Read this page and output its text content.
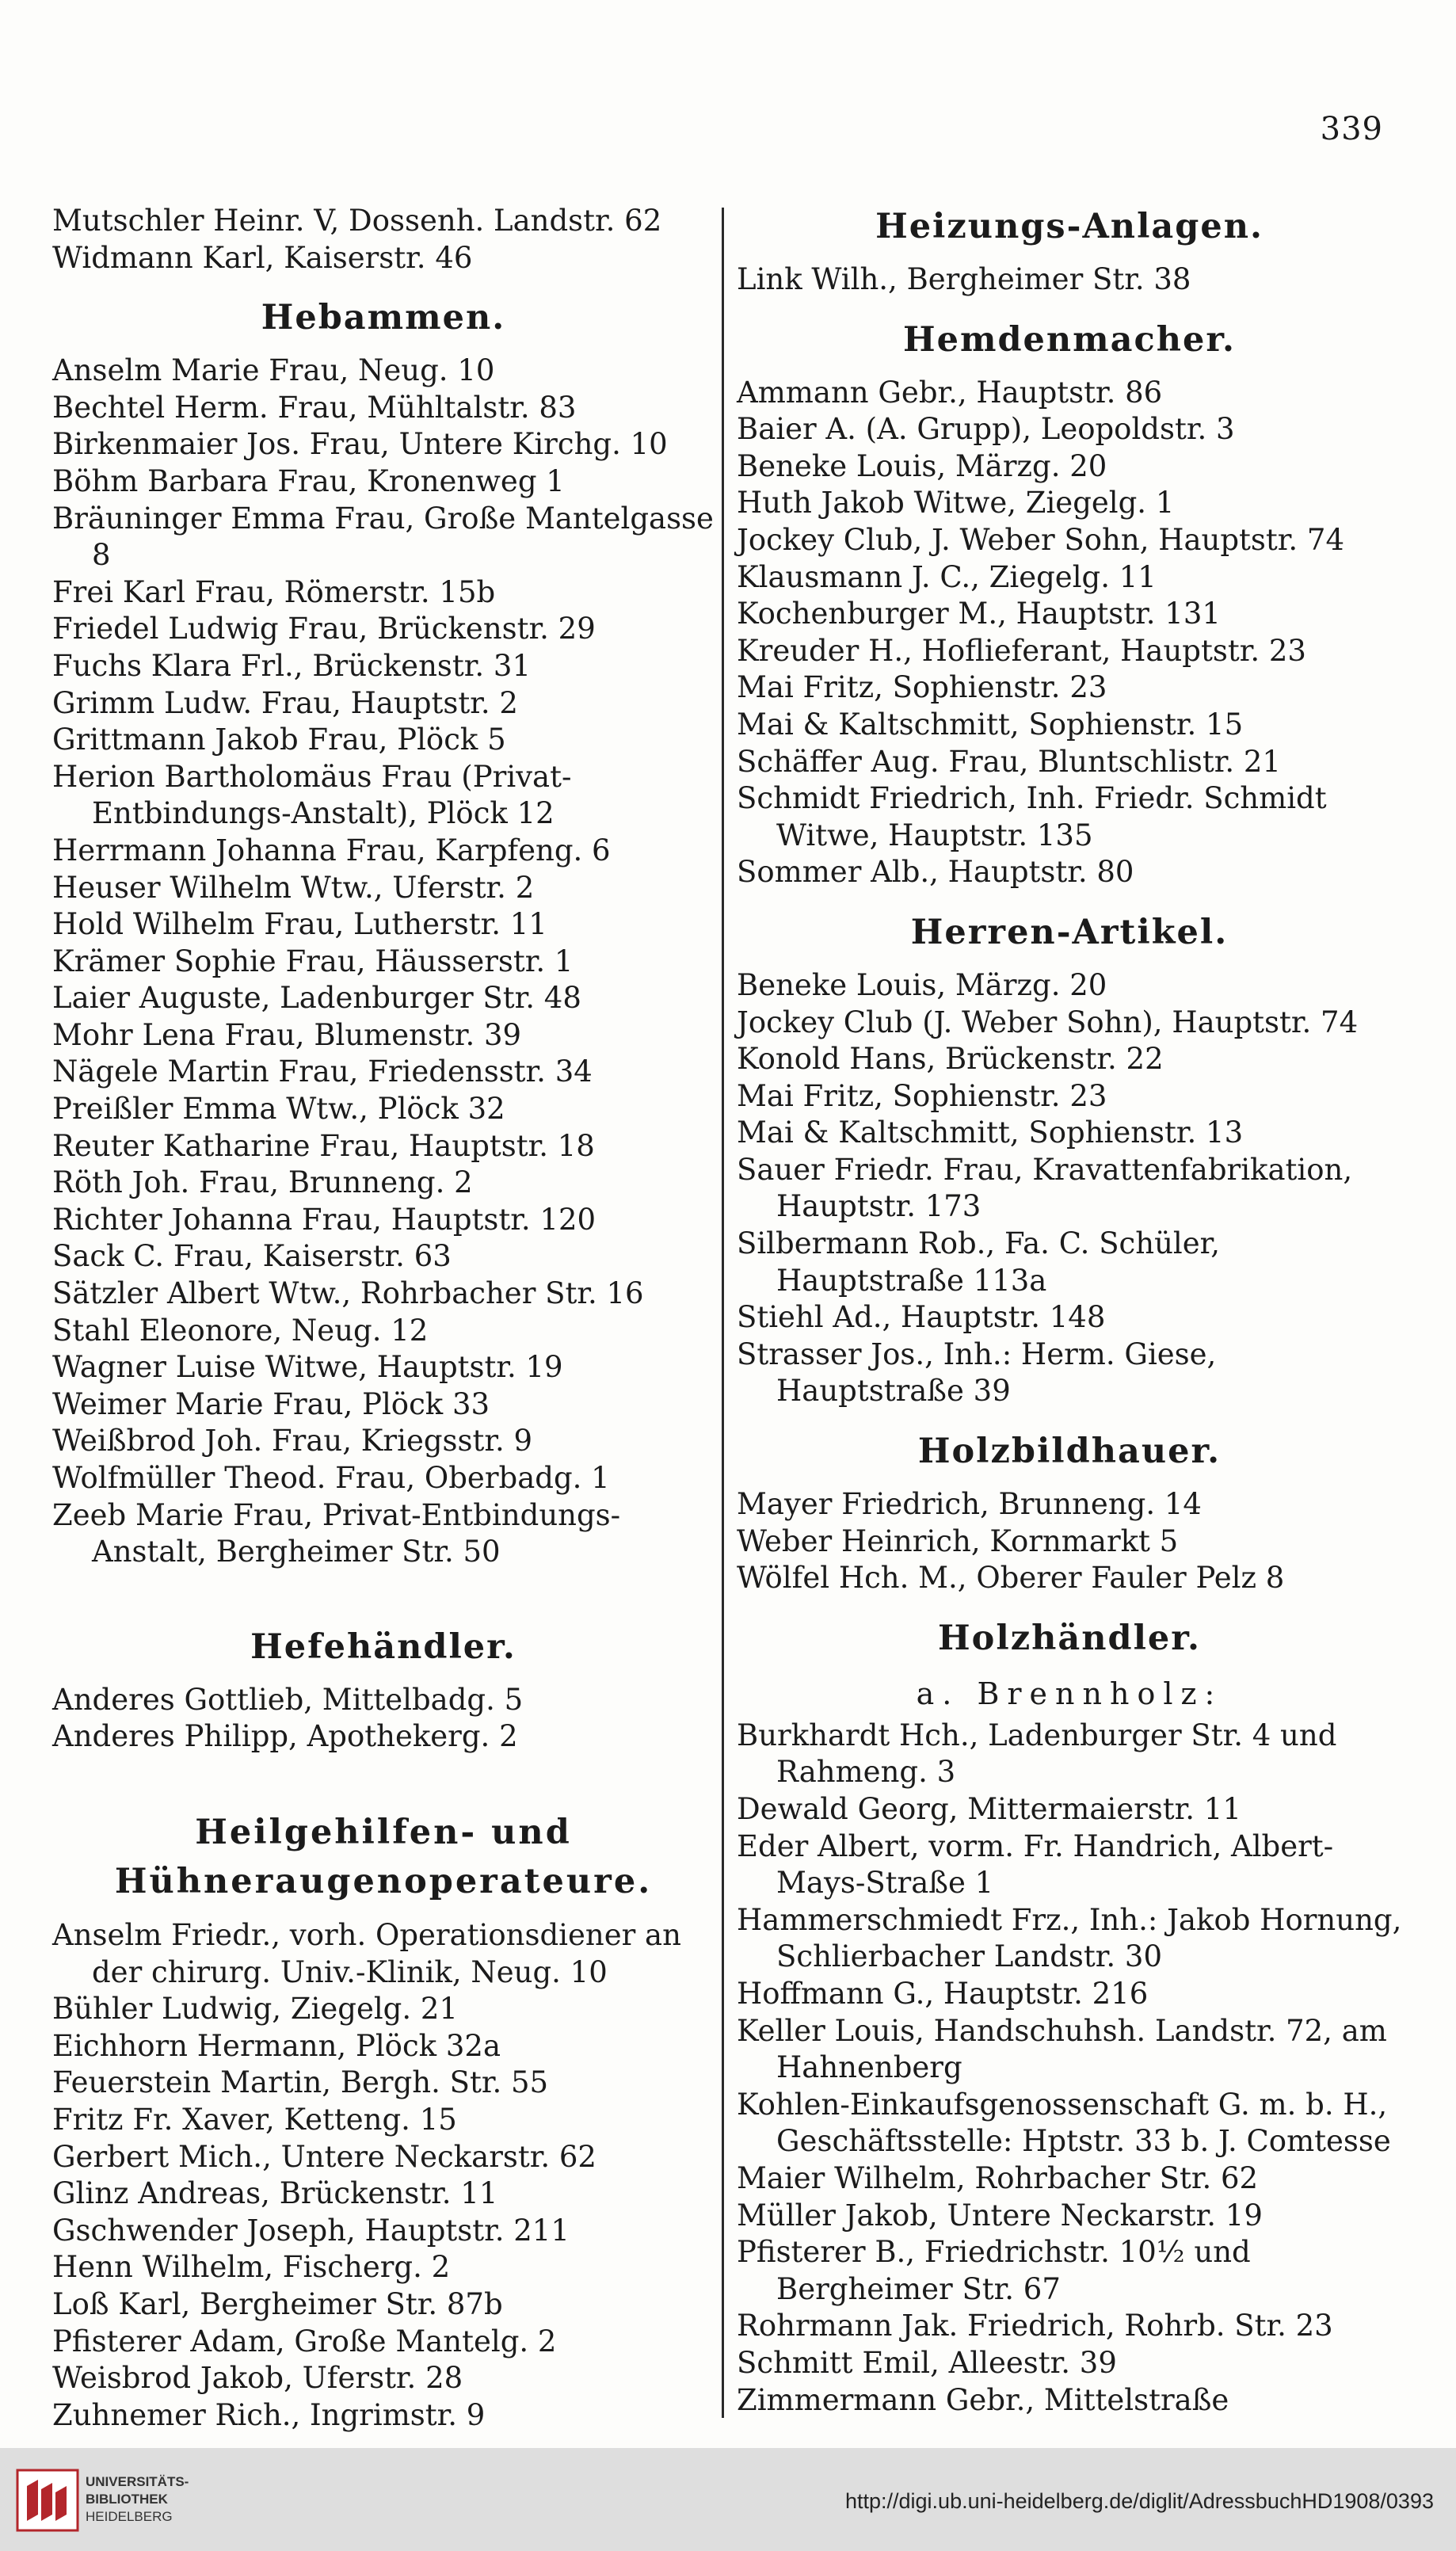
339
Mutschler Heinr. V, Dossenh. Landstr. 62
Widmann Karl, Kaiserstr. 46
Hebammen.
Anselm Marie Frau, Neug. 10
Bechtel Herm. Frau, Mühltalstr. 83
Birkenmaier Jos. Frau, Untere Kirchg. 10
Böhm Barbara Frau, Kronenweg 1
Bräuninger Emma Frau, Große Mantelgasse 8
Frei Karl Frau, Römerstr. 15b
Friedel Ludwig Frau, Brückenstr. 29
Fuchs Klara Frl., Brückenstr. 31
Grimm Ludw. Frau, Hauptstr. 2
Grittmann Jakob Frau, Plöck 5
Herion Bartholomäus Frau (Privat-Entbindungs-Anstalt), Plöck 12
Herrmann Johanna Frau, Karpfeng. 6
Heuser Wilhelm Wtw., Uferstr. 2
Hold Wilhelm Frau, Lutherstr. 11
Krämer Sophie Frau, Häusserstr. 1
Laier Auguste, Ladenburger Str. 48
Mohr Lena Frau, Blumenstr. 39
Nägele Martin Frau, Friedensstr. 34
Preißler Emma Wtw., Plöck 32
Reuter Katharine Frau, Hauptstr. 18
Röth Joh. Frau, Brunneng. 2
Richter Johanna Frau, Hauptstr. 120
Sack C. Frau, Kaiserstr. 63
Sätzler Albert Wtw., Rohrbacher Str. 16
Stahl Eleonore, Neug. 12
Wagner Luise Witwe, Hauptstr. 19
Weimer Marie Frau, Plöck 33
Weißbrod Joh. Frau, Kriegsstr. 9
Wolfmüller Theod. Frau, Oberbadg. 1
Zeeb Marie Frau, Privat-Entbindungs-Anstalt, Bergheimer Str. 50
Hefehändler.
Anderes Gottlieb, Mittelbadg. 5
Anderes Philipp, Apothekerg. 2
Heilgehilfen- und Hühneraugenoperateure.
Anselm Friedr., vorh. Operationsdiener an der chirurg. Univ.-Klinik, Neug. 10
Bühler Ludwig, Ziegelg. 21
Eichhorn Hermann, Plöck 32a
Feuerstein Martin, Bergh. Str. 55
Fritz Fr. Xaver, Ketteng. 15
Gerbert Mich., Untere Neckarstr. 62
Glinz Andreas, Brückenstr. 11
Gschwender Joseph, Hauptstr. 211
Henn Wilhelm, Fischerg. 2
Loß Karl, Bergheimer Str. 87b
Pfisterer Adam, Große Mantelg. 2
Weisbrod Jakob, Uferstr. 28
Zuhnemer Rich., Ingrimstr. 9
Heizungs-Anlagen.
Link Wilh., Bergheimer Str. 38
Hemdenmacher.
Ammann Gebr., Hauptstr. 86
Baier A. (A. Grupp), Leopoldstr. 3
Beneke Louis, Märzg. 20
Huth Jakob Witwe, Ziegelg. 1
Jockey Club, J. Weber Sohn, Hauptstr. 74
Klausmann J. C., Ziegelg. 11
Kochenburger M., Hauptstr. 131
Kreuder H., Hoflieferant, Hauptstr. 23
Mai Fritz, Sophienstr. 23
Mai & Kaltschmitt, Sophienstr. 15
Schäffer Aug. Frau, Bluntschlistr. 21
Schmidt Friedrich, Inh. Friedr. Schmidt Witwe, Hauptstr. 135
Sommer Alb., Hauptstr. 80
Herren-Artikel.
Beneke Louis, Märzg. 20
Jockey Club (J. Weber Sohn), Hauptstr. 74
Konold Hans, Brückenstr. 22
Mai Fritz, Sophienstr. 23
Mai & Kaltschmitt, Sophienstr. 13
Sauer Friedr. Frau, Kravattenfabrikation, Hauptstr. 173
Silbermann Rob., Fa. C. Schüler, Hauptstraße 113a
Stiehl Ad., Hauptstr. 148
Strasser Jos., Inh.: Herm. Giese, Hauptstraße 39
Holzbildhauer.
Mayer Friedrich, Brunneng. 14
Weber Heinrich, Kornmarkt 5
Wölfel Hch. M., Oberer Fauler Pelz 8
Holzhändler.
a. Brennholz:
Burkhardt Hch., Ladenburger Str. 4 und Rahmeng. 3
Dewald Georg, Mittermaierstr. 11
Eder Albert, vorm. Fr. Handrich, Albert-Mays-Straße 1
Hammerschmiedt Frz., Inh.: Jakob Hornung, Schlierbacher Landstr. 30
Hoffmann G., Hauptstr. 216
Keller Louis, Handschuhsh. Landstr. 72, am Hahnenberg
Kohlen-Einkaufsgenossenschaft G. m. b. H., Geschäftsstelle: Hptstr. 33 b. J. Comtesse
Maier Wilhelm, Rohrbacher Str. 62
Müller Jakob, Untere Neckarstr. 19
Pfisterer B., Friedrichstr. 10½ und Bergheimer Str. 67
Rohrmann Jak. Friedrich, Rohrb. Str. 23
Schmitt Emil, Alleestr. 39
Zimmermann Gebr., Mittelstraße
UNIVERSITÄTS-
BIBLIOTHEK
HEIDELBERG
http://digi.ub.uni-heidelberg.de/diglit/AdressbuchHD1908/0393
